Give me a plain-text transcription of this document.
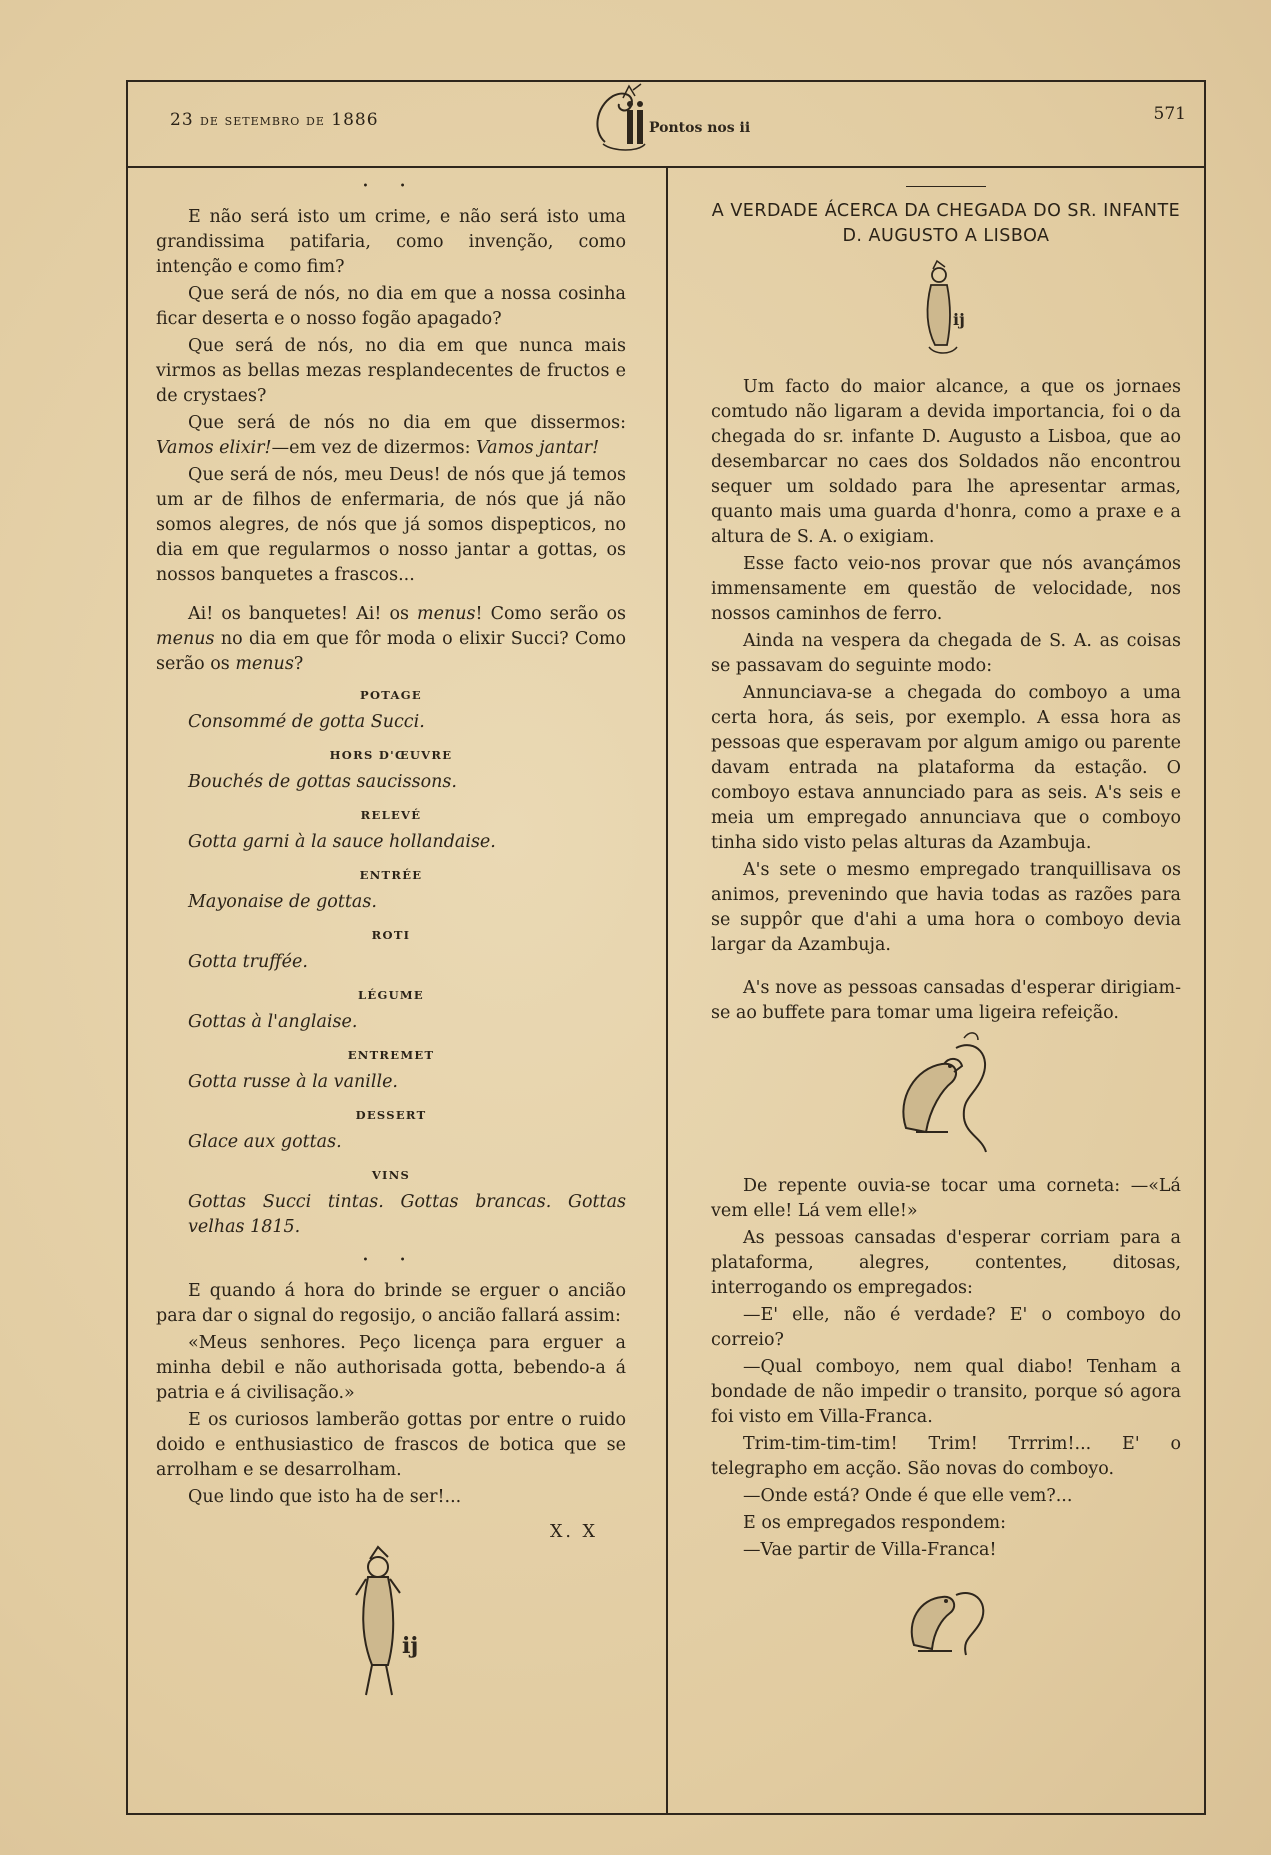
23 de setembro de 1886	Pontos nos ii
571
• •

E não será isto um crime, e não será isto uma grandissima patifaria, como invenção, como intenção e como fim?

Que será de nós, no dia em que a nossa cosinha ficar deserta e o nosso fogão apagado?

Que será de nós, no dia em que nunca mais virmos as bellas mezas resplandecentes de fructos e de crystaes?

Que será de nós no dia em que dissermos: Vamos elixir!—em vez de dizermos: Vamos jantar!

Que será de nós, meu Deus! de nós que já temos um ar de filhos de enfermaria, de nós que já não somos alegres, de nós que já somos dispepticos, no dia em que regularmos o nosso jantar a gottas, os nossos banquetes a frascos...

Ai! os banquetes! Ai! os menus! Como serão os menus no dia em que fôr moda o elixir Succi? Como serão os menus?

POTAGE
Consommé de gotta Succi.
HORS D'ŒUVRE
Bouchés de gottas saucissons.
RELEVÉ
Gotta garni à la sauce hollandaise.
ENTRÉE
Mayonaise de gottas.
ROTI
Gotta truffée.
LÉGUME
Gottas à l'anglaise.
ENTREMET
Gotta russe à la vanille.
DESSERT
Glace aux gottas.
VINS
Gottas Succi tintas. Gottas brancas. Gottas velhas 1815.
• •

E quando á hora do brinde se erguer o ancião para dar o signal do regosijo, o ancião fallará assim:

«Meus senhores. Peço licença para erguer a minha debil e não authorisada gotta, bebendo-a á patria e á civilisação.»

E os curiosos lamberão gottas por entre o ruido doido e enthusiastico de frascos de botica que se arrolham e se desarrolham.

Que lindo que isto ha de ser!...

X. X
ij
A VERDADE ÁCERCA DA CHEGADA DO SR. INFANTE D. AUGUSTO A LISBOA
ij

Um facto do maior alcance, a que os jornaes comtudo não ligaram a devida importancia, foi o da chegada do sr. infante D. Augusto a Lisboa, que ao desembarcar no caes dos Soldados não encontrou sequer um soldado para lhe apresentar armas, quanto mais uma guarda d'honra, como a praxe e a altura de S. A. o exigiam.

Esse facto veio-nos provar que nós avançámos immensamente em questão de velocidade, nos nossos caminhos de ferro.

Ainda na vespera da chegada de S. A. as coisas se passavam do seguinte modo:

Annunciava-se a chegada do comboyo a uma certa hora, ás seis, por exemplo. A essa hora as pessoas que esperavam por algum amigo ou parente davam entrada na plataforma da estação. O comboyo estava annunciado para as seis. A's seis e meia um empregado annunciava que o comboyo tinha sido visto pelas alturas da Azambuja.

A's sete o mesmo empregado tranquillisava os animos, prevenindo que havia todas as razões para se suppôr que d'ahi a uma hora o comboyo devia largar da Azambuja.

A's nove as pessoas cansadas d'esperar dirigiam-se ao buffete para tomar uma ligeira refeição.

De repente ouvia-se tocar uma corneta: —«Lá vem elle! Lá vem elle!»

As pessoas cansadas d'esperar corriam para a plataforma, alegres, contentes, ditosas, interrogando os empregados:

—E' elle, não é verdade? E' o comboyo do correio?

—Qual comboyo, nem qual diabo! Tenham a bondade de não impedir o transito, porque só agora foi visto em Villa-Franca.

Trim-tim-tim-tim! Trim! Trrrim!... E' o telegrapho em acção. São novas do comboyo.

—Onde está? Onde é que elle vem?...

E os empregados respondem:

—Vae partir de Villa-Franca!
